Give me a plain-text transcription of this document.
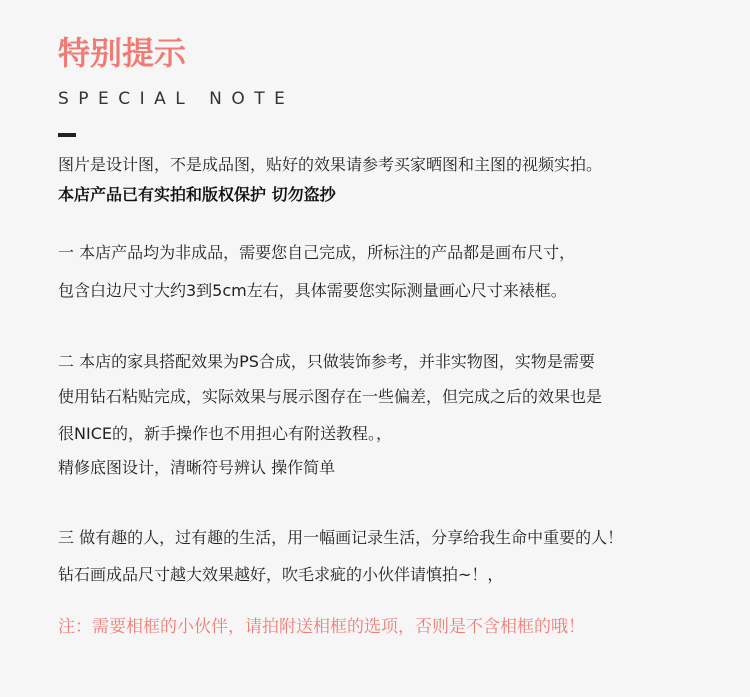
特别提示
SPECIAL NOTE
图片是设计图，不是成品图，贴好的效果请参考买家晒图和主图的视频实拍。
本店产品已有实拍和版权保护 切勿盗抄
一 本店产品均为非成品，需要您自己完成，所标注的产品都是画布尺寸，
包含白边尺寸大约3到5cm左右，具体需要您实际测量画心尺寸来裱框。
二 本店的家具搭配效果为PS合成，只做装饰参考，并非实物图，实物是需要
使用钻石粘贴完成，实际效果与展示图存在一些偏差，但完成之后的效果也是
很NICE的，新手操作也不用担心有附送教程。，
精修底图设计，清晰符号辨认 操作简单
三 做有趣的人，过有趣的生活，用一幅画记录生活，分享给我生命中重要的人！
钻石画成品尺寸越大效果越好，吹毛求疵的小伙伴请慎拍~！，
注：需要相框的小伙伴，请拍附送相框的选项，否则是不含相框的哦！
